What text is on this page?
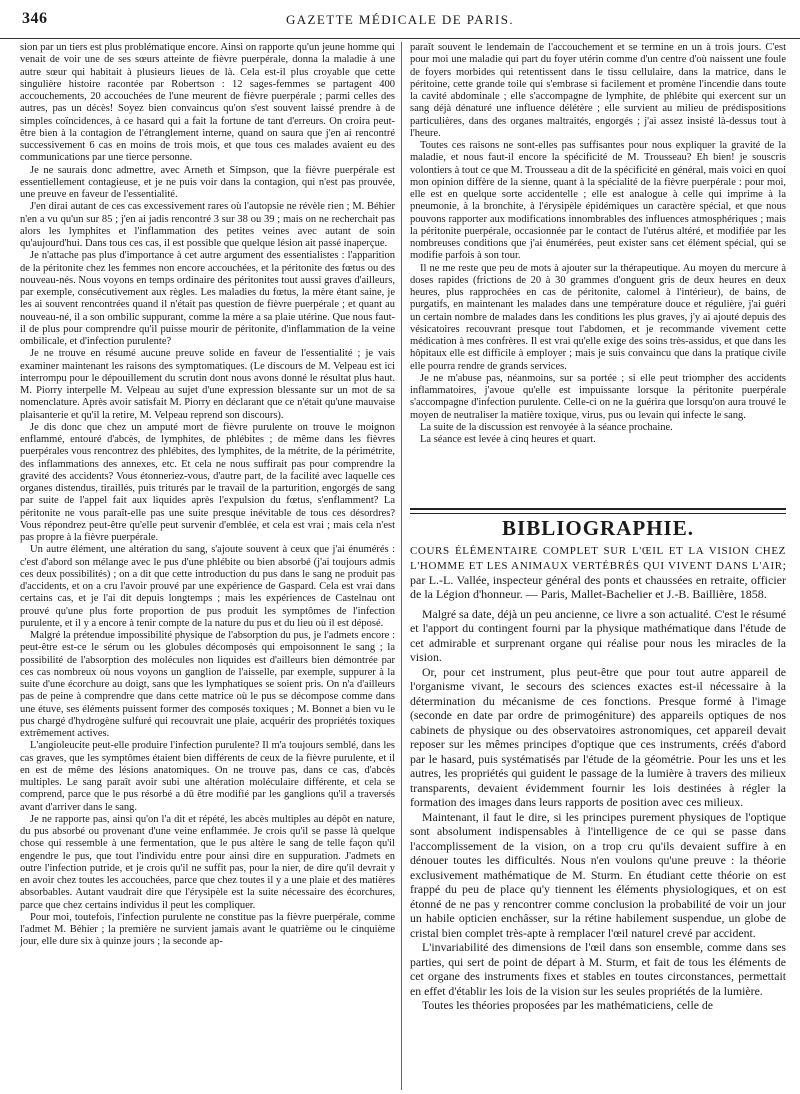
346	GAZETTE MÉDICALE DE PARIS.

sion par un tiers est plus problématique encore. Ainsi on rapporte qu'un jeune homme qui venait de voir une de ses sœurs atteinte de fièvre puerpérale, donna la maladie à une autre sœur qui habitait à plusieurs lieues de là. Cela est-il plus croyable que cette singulière histoire racontée par Robertson : 12 sages-femmes se partagent 400 accouchements, 20 accouchées de l'une meurent de fièvre puerpérale ; parmi celles des autres, pas un décès! Soyez bien convaincus qu'on s'est souvent laissé prendre à de simples coïncidences, à ce hasard qui a fait la fortune de tant d'erreurs. On croira peut-être bien à la contagion de l'étranglement interne, quand on saura que j'en ai rencontré successivement 6 cas en moins de trois mois, et que tous ces malades avaient eu des communications par une tierce personne.

Je ne saurais donc admettre, avec Arneth et Simpson, que la fièvre puerpérale est essentiellement contagieuse, et je ne puis voir dans la contagion, qui n'est pas prouvée, une preuve en faveur de l'essentialité.

J'en dirai autant de ces cas excessivement rares où l'autopsie ne révèle rien ; M. Béhier n'en a vu qu'un sur 85 ; j'en ai jadis rencontré 3 sur 38 ou 39 ; mais on ne recherchait pas alors les lymphites et l'inflammation des petites veines avec autant de soin qu'aujourd'hui. Dans tous ces cas, il est possible que quelque lésion ait passé inaperçue.

Je n'attache pas plus d'importance à cet autre argument des essentialistes : l'apparition de la péritonite chez les femmes non encore accouchées, et la péritonite des fœtus ou des nouveau-nés. Nous voyons en temps ordinaire des péritonites tout aussi graves d'ailleurs, par exemple, consécutivement aux règles. Les maladies du fœtus, la mère étant saine, je les ai souvent rencontrées quand il n'était pas question de fièvre puerpérale ; et quant au nouveau-né, il a son ombilic suppurant, comme la mère a sa plaie utérine. Que nous faut-il de plus pour comprendre qu'il puisse mourir de péritonite, d'inflammation de la veine ombilicale, et d'infection purulente?

Je ne trouve en résumé aucune preuve solide en faveur de l'essentialité ; je vais examiner maintenant les raisons des symptomatiques. (Le discours de M. Velpeau est ici interrompu pour le dépouillement du scrutin dont nous avons donné le résultat plus haut. M. Piorry interpelle M. Velpeau au sujet d'une expression blessante sur un mot de sa nomenclature. Après avoir satisfait M. Piorry en déclarant que ce n'était qu'une mauvaise plaisanterie et qu'il la retire, M. Velpeau reprend son discours).

Je dis donc que chez un amputé mort de fièvre purulente on trouve le moignon enflammé, entouré d'abcès, de lymphites, de phlébites ; de même dans les fièvres puerpérales vous rencontrez des phlébites, des lymphites, de la métrite, de la périmétrite, des inflammations des annexes, etc. Et cela ne nous suffirait pas pour comprendre la gravité des accidents? Vous étonneriez-vous, d'autre part, de la facilité avec laquelle ces organes distendus, tiraillés, puis triturés par le travail de la parturition, engorgés de sang par suite de l'appel fait aux liquides après l'expulsion du fœtus, s'enflamment? La péritonite ne vous paraît-elle pas une suite presque inévitable de tous ces désordres? Vous répondrez peut-être qu'elle peut survenir d'emblée, et cela est vrai ; mais cela n'est pas propre à la fièvre puerpérale.

Un autre élément, une altération du sang, s'ajoute souvent à ceux que j'ai énumérés : c'est d'abord son mélange avec le pus d'une phlébite ou bien absorbé (j'ai toujours admis ces deux possibilités) ; on a dit que cette introduction du pus dans le sang ne produit pas d'accidents, et on a cru l'avoir prouvé par une expérience de Gaspard. Cela est vrai dans certains cas, et je l'ai dit depuis longtemps ; mais les expériences de Castelnau ont prouvé qu'une plus forte proportion de pus produit les symptômes de l'infection purulente, et il y a encore à tenir compte de la nature du pus et du lieu où il est déposé.

Malgré la prétendue impossibilité physique de l'absorption du pus, je l'admets encore : peut-être est-ce le sérum ou les globules décomposés qui empoisonnent le sang ; la possibilité de l'absorption des molécules non liquides est d'ailleurs bien démontrée par ces cas nombreux où nous voyons un ganglion de l'aisselle, par exemple, suppurer à la suite d'une écorchure au doigt, sans que les lymphatiques se soient pris. On n'a d'ailleurs pas de peine à comprendre que dans cette matrice où le pus se décompose comme dans une étuve, ses éléments puissent former des composés toxiques ; M. Bonnet a bien vu le pus chargé d'hydrogène sulfuré qui recouvrait une plaie, acquérir des propriétés toxiques extrêmement actives.

L'angioleucite peut-elle produire l'infection purulente? Il m'a toujours semblé, dans les cas graves, que les symptômes étaient bien différents de ceux de la fièvre purulente, et il en est de même des lésions anatomiques. On ne trouve pas, dans ce cas, d'abcès multiples. Le sang paraît avoir subi une altération moléculaire différente, et cela se comprend, parce que le pus résorbé a dû être modifié par les ganglions qu'il a traversés avant d'arriver dans le sang.

Je ne rapporte pas, ainsi qu'on l'a dit et répété, les abcès multiples au dépôt en nature, du pus absorbé ou provenant d'une veine enflammée. Je crois qu'il se passe là quelque chose qui ressemble à une fermentation, que le pus altère le sang de telle façon qu'il engendre le pus, que tout l'individu entre pour ainsi dire en suppuration. J'admets en outre l'infection putride, et je crois qu'il ne suffit pas, pour la nier, de dire qu'il devrait y en avoir chez toutes les accouchées, parce que chez toutes il y a une plaie et des matières absorbables. Autant vaudrait dire que l'érysipèle est la suite nécessaire des écorchures, parce que chez certains individus il peut les compliquer.

Pour moi, toutefois, l'infection purulente ne constitue pas la fièvre puerpérale, comme l'admet M. Béhier ; la première ne survient jamais avant le quatrième ou le cinquième jour, elle dure six à quinze jours ; la seconde ap-

paraît souvent le lendemain de l'accouchement et se termine en un à trois jours. C'est pour moi une maladie qui part du foyer utérin comme d'un centre d'où naissent une foule de foyers morbides qui retentissent dans le tissu cellulaire, dans la matrice, dans le péritoine, cette grande toile qui s'embrase si facilement et promène l'incendie dans toute la cavité abdominale ; elle s'accompagne de lymphite, de phlébite qui exercent sur un sang déjà dénaturé une influence délétère ; elle survient au milieu de prédispositions particulières, dans des organes maltraités, engorgés ; j'ai assez insisté là-dessus tout à l'heure.

Toutes ces raisons ne sont-elles pas suffisantes pour nous expliquer la gravité de la maladie, et nous faut-il encore la spécificité de M. Trousseau? Eh bien! je souscris volontiers à tout ce que M. Trousseau a dit de la spécificité en général, mais voici en quoi mon opinion diffère de la sienne, quant à la spécialité de la fièvre puerpérale : pour moi, elle est en quelque sorte accidentelle ; elle est analogue à celle qui imprime à la pneumonie, à la bronchite, à l'érysipèle épidémiques un caractère spécial, et que nous pouvons rapporter aux modifications innombrables des influences atmosphériques ; mais la péritonite puerpérale, occasionnée par le contact de l'utérus altéré, et modifiée par les nombreuses conditions que j'ai énumérées, peut exister sans cet élément spécial, qui se modifie parfois à son tour.

Il ne me reste que peu de mots à ajouter sur la thérapeutique. Au moyen du mercure à doses rapides (frictions de 20 à 30 grammes d'onguent gris de deux heures en deux heures, plus rapprochées en cas de péritonite, calomel à l'intérieur), de bains, de purgatifs, en maintenant les malades dans une température douce et régulière, j'ai guéri un certain nombre de malades dans les conditions les plus graves, j'y ai ajouté depuis des vésicatoires recouvrant presque tout l'abdomen, et je recommande vivement cette médication à mes confrères. Il est vrai qu'elle exige des soins très-assidus, et que dans les hôpitaux elle est difficile à employer ; mais je suis convaincu que dans la pratique civile elle pourra rendre de grands services.

Je ne m'abuse pas, néanmoins, sur sa portée ; si elle peut triompher des accidents inflammatoires, j'avoue qu'elle est impuissante lorsque la péritonite puerpérale s'accompagne d'infection purulente. Celle-ci on ne la guérira que lorsqu'on aura trouvé le moyen de neutraliser la matière toxique, virus, pus ou levain qui infecte le sang.

La suite de la discussion est renvoyée à la séance prochaine.

La séance est levée à cinq heures et quart.

BIBLIOGRAPHIE.

COURS ÉLÉMENTAIRE COMPLET SUR L'ŒIL ET LA VISION CHEZ L'HOMME ET LES ANIMAUX VERTÉBRÉS QUI VIVENT DANS L'AIR; par L.-L. Vallée, inspecteur général des ponts et chaussées en retraite, officier de la Légion d'honneur. — Paris, Mallet-Bachelier et J.-B. Baillière, 1858.

Malgré sa date, déjà un peu ancienne, ce livre a son actualité. C'est le résumé et l'apport du contingent fourni par la physique mathématique dans l'étude de cet admirable et surprenant organe qui réalise pour nous les miracles de la vision.

Or, pour cet instrument, plus peut-être que pour tout autre appareil de l'organisme vivant, le secours des sciences exactes est-il nécessaire à la détermination du mécanisme de ces fonctions. Presque formé à l'image (seconde en date par ordre de primogéniture) des appareils optiques de nos cabinets de physique ou des observatoires astronomiques, cet appareil devait reposer sur les mêmes principes d'optique que ces instruments, créés d'abord par le hasard, puis systématisés par l'étude de la géométrie. Pour les uns et les autres, les propriétés qui guident le passage de la lumière à travers des milieux transparents, devaient évidemment fournir les lois destinées à régler la formation des images dans leurs rapports de position avec ces milieux.

Maintenant, il faut le dire, si les principes purement physiques de l'optique sont absolument indispensables à l'intelligence de ce qui se passe dans l'accomplissement de la vision, on a trop cru qu'ils devaient suffire à en dénouer toutes les difficultés. Nous n'en voulons qu'une preuve : la théorie exclusivement mathématique de M. Sturm. En étudiant cette théorie on est frappé du peu de place qu'y tiennent les éléments physiologiques, et on est étonné de ne pas y rencontrer comme conclusion la probabilité de voir un jour un habile opticien enchâsser, sur la rétine habilement suspendue, un globe de cristal bien complet très-apte à remplacer l'œil naturel crevé par accident.

L'invariabilité des dimensions de l'œil dans son ensemble, comme dans ses parties, qui sert de point de départ à M. Sturm, et fait de tous les éléments de cet organe des instruments fixes et stables en toutes circonstances, permettait en effet d'établir les lois de la vision sur les seules propriétés de la lumière.

Toutes les théories proposées par les mathématiciens, celle de
